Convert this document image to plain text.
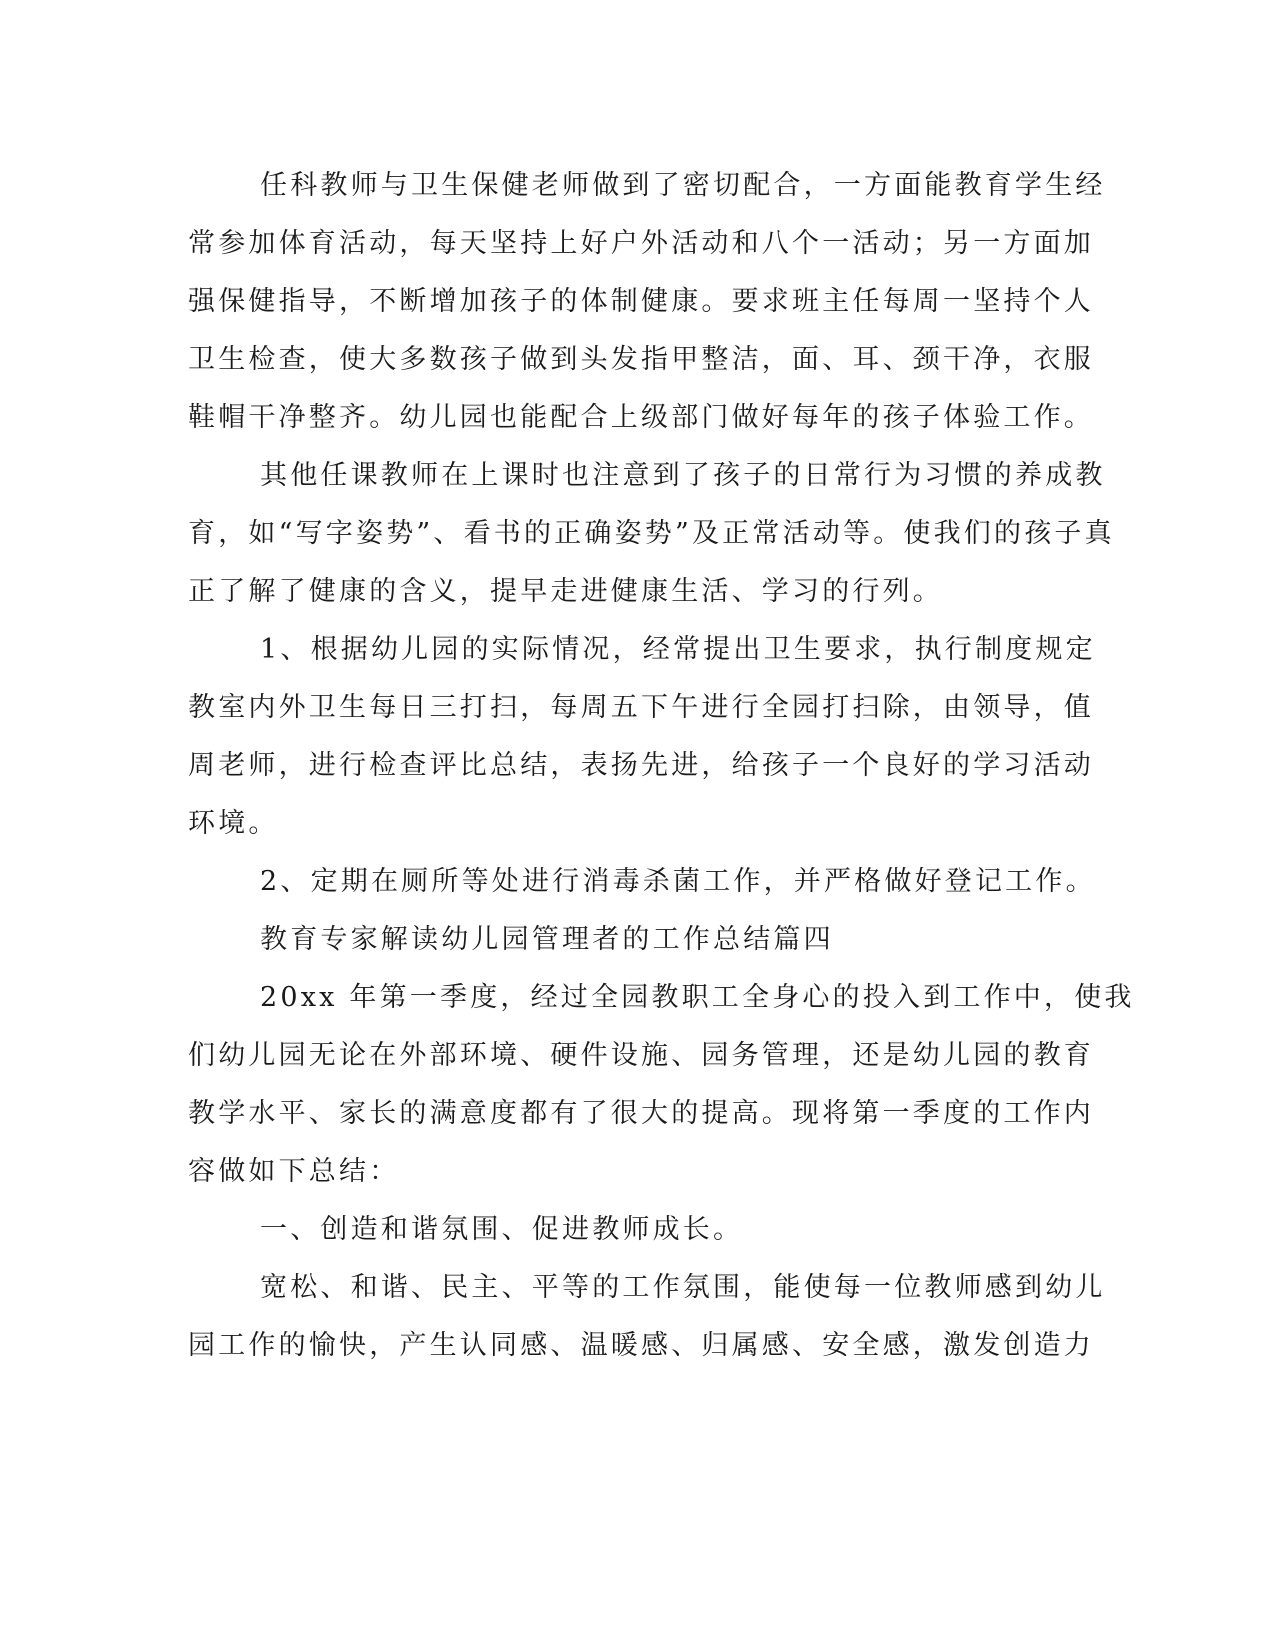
任科教师与卫生保健老师做到了密切配合，一方面能教育学生经
常参加体育活动，每天坚持上好户外活动和八个一活动；另一方面加
强保健指导，不断增加孩子的体制健康。要求班主任每周一坚持个人
卫生检查，使大多数孩子做到头发指甲整洁，面、耳、颈干净，衣服
鞋帽干净整齐。幼儿园也能配合上级部门做好每年的孩子体验工作。
其他任课教师在上课时也注意到了孩子的日常行为习惯的养成教
育，如“写字姿势”、看书的正确姿势”及正常活动等。使我们的孩子真
正了解了健康的含义，提早走进健康生活、学习的行列。
1、根据幼儿园的实际情况，经常提出卫生要求，执行制度规定
教室内外卫生每日三打扫，每周五下午进行全园打扫除，由领导，值
周老师，进行检查评比总结，表扬先进，给孩子一个良好的学习活动
环境。
2、定期在厕所等处进行消毒杀菌工作，并严格做好登记工作。
教育专家解读幼儿园管理者的工作总结篇四
20xx 年第一季度，经过全园教职工全身心的投入到工作中，使我
们幼儿园无论在外部环境、硬件设施、园务管理，还是幼儿园的教育
教学水平、家长的满意度都有了很大的提高。现将第一季度的工作内
容做如下总结：
一、创造和谐氛围、促进教师成长。
宽松、和谐、民主、平等的工作氛围，能使每一位教师感到幼儿
园工作的愉快，产生认同感、温暖感、归属感、安全感，激发创造力
